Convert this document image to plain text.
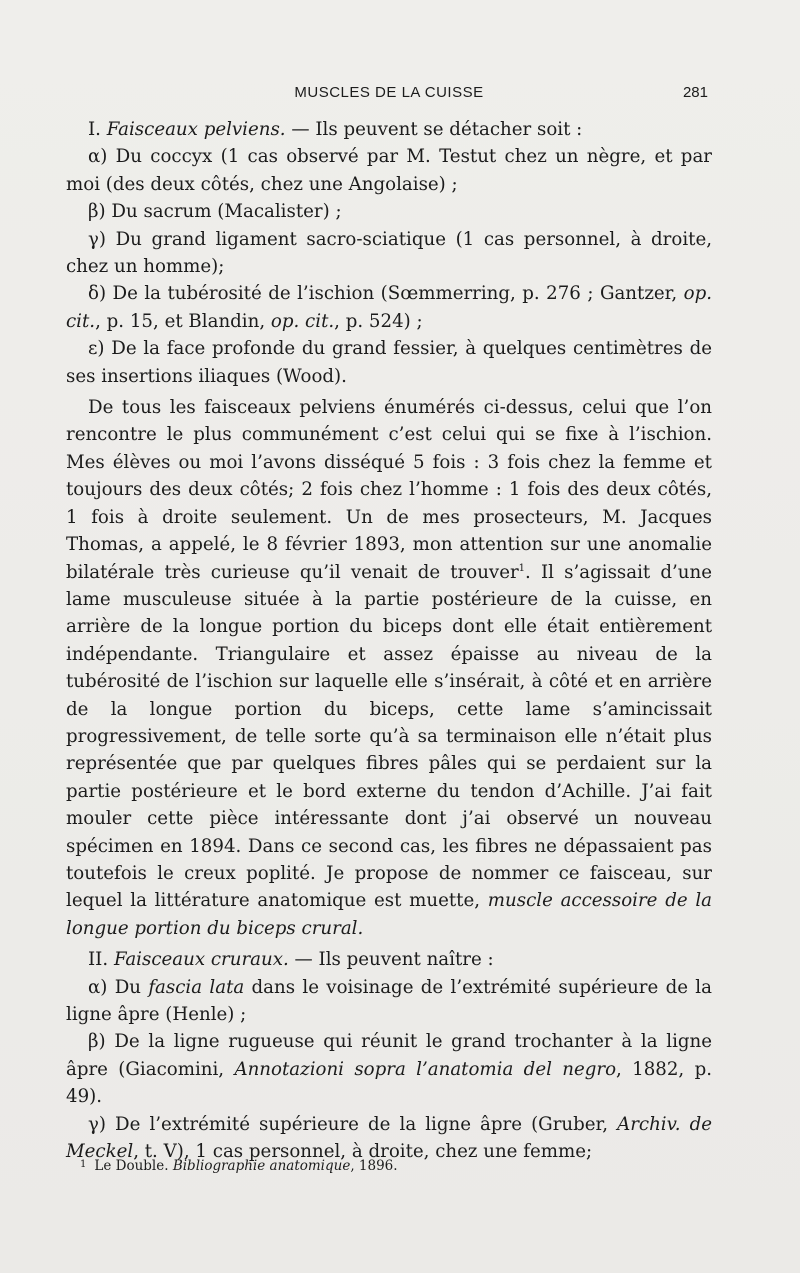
MUSCLES DE LA CUISSE	281

I. Faisceaux pelviens. — Ils peuvent se détacher soit :

α) Du coccyx (1 cas observé par M. Testut chez un nègre, et par moi (des deux côtés, chez une Angolaise) ;

β) Du sacrum (Macalister) ;

γ) Du grand ligament sacro-sciatique (1 cas personnel, à droite, chez un homme);

δ) De la tubérosité de l’ischion (Sœmmerring, p. 276 ; Gantzer, op. cit., p. 15, et Blandin, op. cit., p. 524) ;

ε) De la face profonde du grand fessier, à quelques centimètres de ses insertions iliaques (Wood).

De tous les faisceaux pelviens énumérés ci-dessus, celui que l’on rencontre le plus communément c’est celui qui se fixe à l’ischion. Mes élèves ou moi l’avons disséqué 5 fois : 3 fois chez la femme et toujours des deux côtés; 2 fois chez l’homme : 1 fois des deux côtés, 1 fois à droite seulement. Un de mes prosecteurs, M. Jacques Thomas, a appelé, le 8 février 1893, mon attention sur une anomalie bilatérale très curieuse qu’il venait de trouver$^1$. Il s’agissait d’une lame musculeuse située à la partie postérieure de la cuisse, en arrière de la longue portion du biceps dont elle était entièrement indépendante. Triangulaire et assez épaisse au niveau de la tubérosité de l’ischion sur laquelle elle s’insérait, à côté et en arrière de la longue portion du biceps, cette lame s’amincissait progressivement, de telle sorte qu’à sa terminaison elle n’était plus représentée que par quelques fibres pâles qui se perdaient sur la partie postérieure et le bord externe du tendon d’Achille. J’ai fait mouler cette pièce intéressante dont j’ai observé un nouveau spécimen en 1894. Dans ce second cas, les fibres ne dépassaient pas toutefois le creux poplité. Je propose de nommer ce faisceau, sur lequel la littérature anatomique est muette, muscle accessoire de la longue portion du biceps crural.

II. Faisceaux cruraux. — Ils peuvent naître :

α) Du fascia lata dans le voisinage de l’extrémité supérieure de la ligne âpre (Henle) ;

β) De la ligne rugueuse qui réunit le grand trochanter à la ligne âpre (Giacomini, Annotazioni sopra l’anatomia del negro, 1882, p. 49).

γ) De l’extrémité supérieure de la ligne âpre (Gruber, Archiv. de Meckel, t. V), 1 cas personnel, à droite, chez une femme;

$^1$ Le Double. Bibliographie anatomique, 1896.
